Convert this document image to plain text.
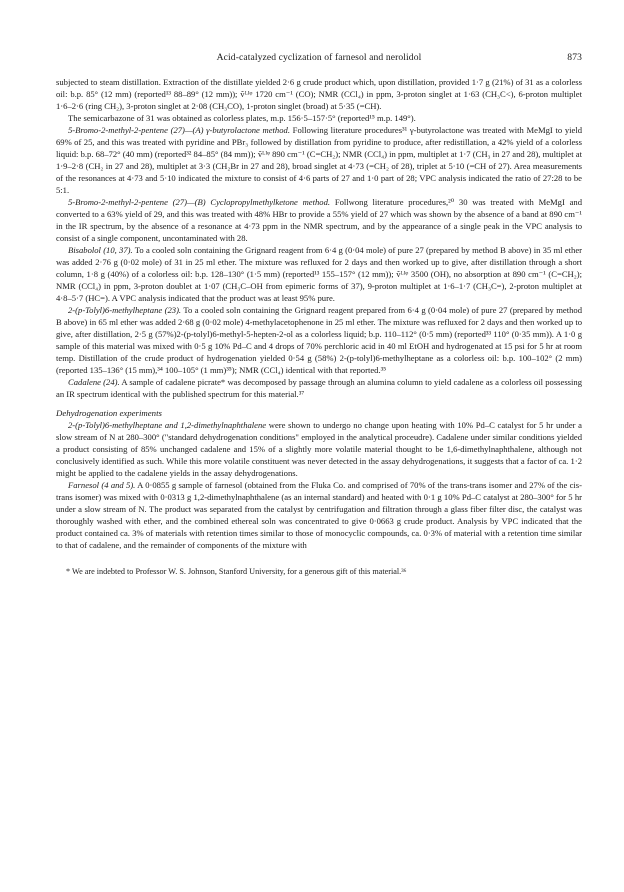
Acid-catalyzed cyclization of farnesol and nerolidol	873

subjected to steam distillation. Extraction of the distillate yielded 2·6 g crude product which, upon distillation, provided 1·7 g (21%) of 31 as a colorless oil: b.p. 85° (12 mm) (reported¹³ 88–89° (12 mm)); ṽᴸᴵᵠ 1720 cm⁻¹ (CO); NMR (CCl₄) in ppm, 3-proton singlet at 1·63 (CH₃C<), 6-proton multiplet 1·6–2·6 (ring CH₂), 3-proton singlet at 2·08 (CH₃CO), 1-proton singlet (broad) at 5·35 (=CH).

The semicarbazone of 31 was obtained as colorless plates, m.p. 156·5–157·5° (reported¹⁵ m.p. 149°).

5-Bromo-2-methyl-2-pentene (27)—(A) γ-butyrolactone method. Following literature procedures³¹ γ-butyrolactone was treated with MeMgI to yield 69% of 25, and this was treated with pyridine and PBr₃ followed by distillation from pyridine to produce, after redistillation, a 42% yield of a colorless liquid: b.p. 68–72° (40 mm) (reported³² 84–85° (84 mm)); ṽᴸᴵᵠ 890 cm⁻¹ (C=CH₂); NMR (CCl₄) in ppm, multiplet at 1·7 (CH₃ in 27 and 28), multiplet at 1·9–2·8 (CH₂ in 27 and 28), multiplet at 3·3 (CH₂Br in 27 and 28), broad singlet at 4·73 (=CH₂ of 28), triplet at 5·10 (=CH of 27). Area measurements of the resonances at 4·73 and 5·10 indicated the mixture to consist of 4·6 parts of 27 and 1·0 part of 28; VPC analysis indicated the ratio of 27:28 to be 5:1.

5-Bromo-2-methyl-2-pentene (27)—(B) Cyclopropylmethylketone method. Follwong literature procedures,²⁰ 30 was treated with MeMgI and converted to a 63% yield of 29, and this was treated with 48% HBr to provide a 55% yield of 27 which was shown by the absence of a band at 890 cm⁻¹ in the IR spectrum, by the absence of a resonance at 4·73 ppm in the NMR spectrum, and by the appearance of a single peak in the VPC analysis to consist of a single component, uncontaminated with 28.

Bisabolol (10, 37). To a cooled soln containing the Grignard reagent from 6·4 g (0·04 mole) of pure 27 (prepared by method B above) in 35 ml ether was added 2·76 g (0·02 mole) of 31 in 25 ml ether. The mixture was refluxed for 2 days and then worked up to give, after distillation through a short column, 1·8 g (40%) of a colorless oil: b.p. 128–130° (1·5 mm) (reported¹³ 155–157° (12 mm)); ṽᴸᴵᵠ 3500 (OH), no absorption at 890 cm⁻¹ (C=CH₂); NMR (CCl₄) in ppm, 3-proton doublet at 1·07 (CH₃C–OH from epimeric forms of 37), 9-proton multiplet at 1·6–1·7 (CH₃C=), 2-proton multiplet at 4·8–5·7 (HC=). A VPC analysis indicated that the product was at least 95% pure.

2-(p-Tolyl)6-methylheptane (23). To a cooled soln containing the Grignard reagent prepared from 6·4 g (0·04 mole) of pure 27 (prepared by method B above) in 65 ml ether was added 2·68 g (0·02 mole) 4-methylacetophenone in 25 ml ether. The mixture was refluxed for 2 days and then worked up to give, after distillation, 2·5 g (57%)2-(p-tolyl)6-methyl-5-hepten-2-ol as a colorless liquid; b.p. 110–112° (0·5 mm) (reported³³ 110° (0·35 mm)). A 1·0 g sample of this material was mixed with 0·5 g 10% Pd–C and 4 drops of 70% perchloric acid in 40 ml EtOH and hydrogenated at 15 psi for 5 hr at room temp. Distillation of the crude product of hydrogenation yielded 0·54 g (58%) 2-(p-tolyl)6-methylheptane as a colorless oil: b.p. 100–102° (2 mm) (reported 135–136° (15 mm),³⁴ 100–105° (1 mm)³⁵); NMR (CCl₄) identical with that reported.³⁵

Cadalene (24). A sample of cadalene picrate* was decomposed by passage through an alumina column to yield cadalene as a colorless oil possessing an IR spectrum identical with the published spectrum for this material.³⁷

Dehydrogenation experiments

2-(p-Tolyl)6-methylheptane and 1,2-dimethylnaphthalene were shown to undergo no change upon heating with 10% Pd–C catalyst for 5 hr under a slow stream of N at 280–300° ("standard dehydrogenation conditions" employed in the analytical proceudre). Cadalene under similar conditions yielded a product consisting of 85% unchanged cadalene and 15% of a slightly more volatile material thought to be 1,6-dimethylnaphthalene, although not conclusively identified as such. While this more volatile constituent was never detected in the assay dehydrogenations, it suggests that a factor of ca. 1·2 might be applied to the cadalene yields in the assay dehydrogenations.

Farnesol (4 and 5). A 0·0855 g sample of farnesol (obtained from the Fluka Co. and comprised of 70% of the trans-trans isomer and 27% of the cis-trans isomer) was mixed with 0·0313 g 1,2-dimethylnaphthalene (as an internal standard) and heated with 0·1 g 10% Pd–C catalyst at 280–300° for 5 hr under a slow stream of N. The product was separated from the catalyst by centrifugation and filtration through a glass fiber filter disc, the catalyst was thoroughly washed with ether, and the combined ethereal soln was concentrated to give 0·0663 g crude product. Analysis by VPC indicated that the product contained ca. 3% of materials with retention times similar to those of monocyclic compounds, ca. 0·3% of material with a retention time similar to that of cadalene, and the remainder of components of the mixture with

* We are indebted to Professor W. S. Johnson, Stanford University, for a generous gift of this material.³⁶
